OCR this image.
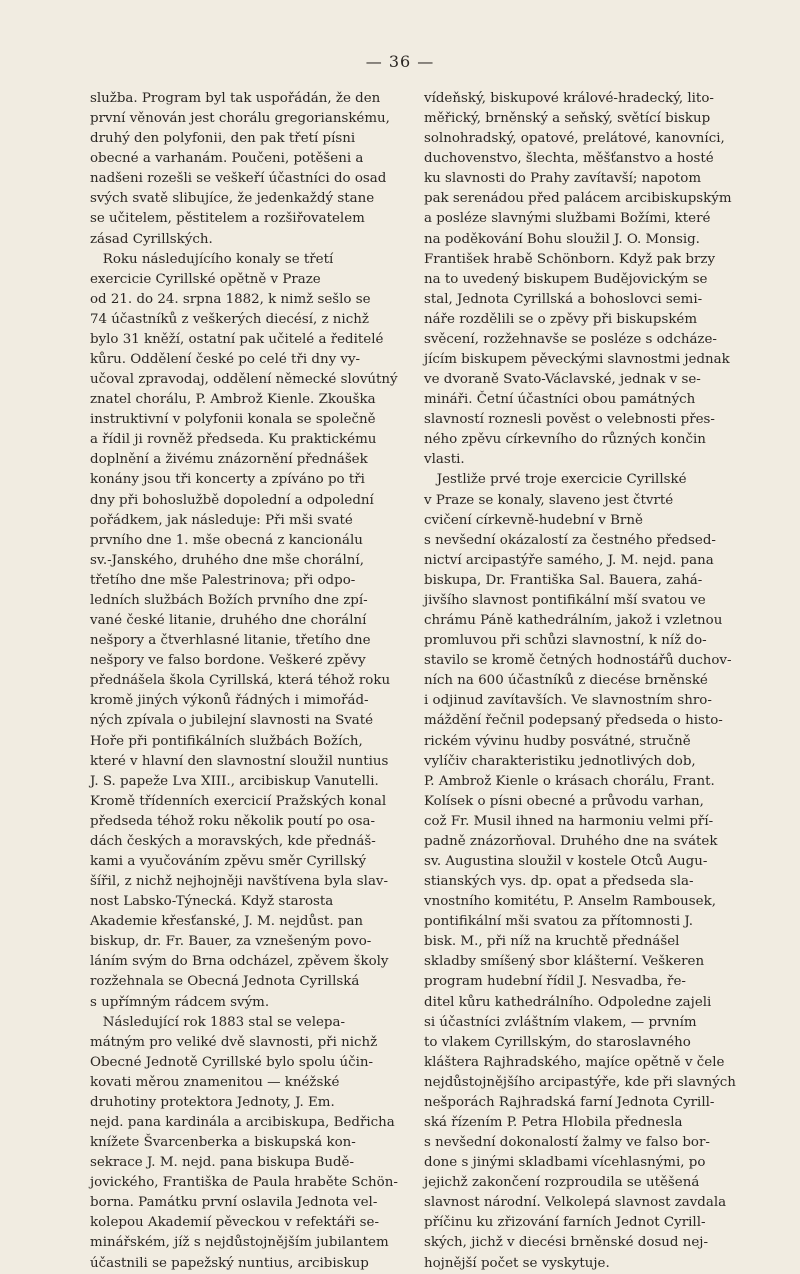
— 36 —

služba. Program byl tak uspořádán, že den

první věnován jest chorálu gregorianskému,

druhý den polyfonii, den pak třetí písni

obecné a varhanám. Poučeni, potěšeni a

nadšeni rozešli se veškeří účastníci do osad

svých svatě slibujíce, že jedenkaždý stane

se učitelem, pěstitelem a rozšiřovatelem

zásad Cyrillských.

Roku následujícího konaly se třetí

exercicie Cyrillské opětně v Praze

od 21. do 24. srpna 1882, k nimž sešlo se

74 účastníků z veškerých diecésí, z nichž

bylo 31 kněží, ostatní pak učitelé a ředitelé

kůru. Oddělení české po celé tři dny vy-

učoval zpravodaj, oddělení německé slovútný

znatel chorálu, P. Ambrož Kienle. Zkouška

instruktivní v polyfonii konala se společně

a řídil ji rovněž předseda. Ku praktickému

doplnění a živému znázornění přednášek

konány jsou tři koncerty a zpíváno po tři

dny při bohoslužbě dopolední a odpolední

pořádkem, jak následuje: Při mši svaté

prvního dne 1. mše obecná z kancionálu

sv.-Janského, druhého dne mše chorální,

třetího dne mše Palestrinova; při odpo-

ledních službách Božích prvního dne zpí-

vané české litanie, druhého dne chorální

nešpory a čtverhlasné litanie, třetího dne

nešpory ve falso bordone. Veškeré zpěvy

přednášela škola Cyrillská, která téhož roku

kromě jiných výkonů řádných i mimořád-

ných zpívala o jubilejní slavnosti na Svaté

Hoře při pontifikálních službách Božích,

které v hlavní den slavnostní sloužil nuntius

J. S. papeže Lva XIII., arcibiskup Vanutelli.

Kromě třídenních exercicií Pražských konal

předseda téhož roku několik poutí po osa-

dách českých a moravských, kde přednáš-

kami a vyučováním zpěvu směr Cyrillský

šířil, z nichž nejhojněji navštívena byla slav-

nost Labsko-Týnecká. Když starosta

Akademie křesťanské, J. M. nejdůst. pan

biskup, dr. Fr. Bauer, za vznešeným povo-

láním svým do Brna odcházel, zpěvem školy

rozžehnala se Obecná Jednota Cyrillská

s upřímným rádcem svým.

Následující rok 1883 stal se velepa-

mátným pro veliké dvě slavnosti, při nichž

Obecné Jednotě Cyrillské bylo spolu účin-

kovati měrou znamenitou — knéžské

druhotiny protektora Jednoty, J. Em.

nejd. pana kardinála a arcibiskupa, Bedřicha

knížete Švarcenberka a biskupská kon-

sekrace J. M. nejd. pana biskupa Budě-

jovického, Františka de Paula hraběte Schön-

borna. Památku první oslavila Jednota vel-

kolepou Akademií pěveckou v refektáři se-

minářském, jíž s nejdůstojnějším jubilantem

účastnili se papežský nuntius, arcibiskup

vídeňský, biskupové králové-hradecký, lito-

měřický, brněnský a seňský, světící biskup

solnohradský, opatové, prelátové, kanovníci,

duchovenstvo, šlechta, měšťanstvo a hosté

ku slavnosti do Prahy zavítavší; napotom

pak serenádou před palácem arcibiskupským

a posléze slavnými službami Božími, které

na poděkování Bohu sloužil J. O. Monsig.

František hrabě Schönborn. Když pak brzy

na to uvedený biskupem Budějovickým se

stal, Jednota Cyrillská a bohoslovci semi-

náře rozdělili se o zpěvy při biskupském

svěcení, rozžehnavše se posléze s odcháze-

jícím biskupem pěveckými slavnostmi jednak

ve dvoraně Svato-Václavské, jednak v se-

mináři. Četní účastníci obou památných

slavností roznesli pověst o velebnosti přes-

ného zpěvu církevního do různých končin

vlasti.

Jestliže prvé troje exercicie Cyrillské

v Praze se konaly, slaveno jest čtvrté

cvičení církevně-hudební v Brně

s nevšední okázalostí za čestného předsed-

nictví arcipastýře samého, J. M. nejd. pana

biskupa, Dr. Františka Sal. Bauera, zahá-

jivšího slavnost pontifikální mší svatou ve

chrámu Páně kathedrálním, jakož i vzletnou

promluvou při schůzi slavnostní, k níž do-

stavilo se kromě četných hodnostářů duchov-

ních na 600 účastníků z diecése brněnské

i odjinud zavítavších. Ve slavnostním shro-

máždění řečnil podepsaný předseda o histo-

rickém vývinu hudby posvátné, stručně

vylíčiv charakteristiku jednotlivých dob,

P. Ambrož Kienle o krásach chorálu, Frant.

Kolísek o písni obecné a průvodu varhan,

což Fr. Musil ihned na harmoniu velmi pří-

padně znázorňoval. Druhého dne na svátek

sv. Augustina sloužil v kostele Otců Augu-

stianských vys. dp. opat a předseda sla-

vnostního komitétu, P. Anselm Rambousek,

pontifikální mši svatou za přítomnosti J.

bisk. M., při níž na kruchtě přednášel

skladby smíšený sbor klášterní. Veškeren

program hudební řídil J. Nesvadba, ře-

ditel kůru kathedrálního. Odpoledne zajeli

si účastníci zvláštním vlakem, — prvním

to vlakem Cyrillským, do staroslavného

kláštera Rajhradského, majíce opětně v čele

nejdůstojnějšího arcipastýře, kde při slavných

nešporách Rajhradská farní Jednota Cyrill-

ská řízením P. Petra Hlobila přednesla

s nevšední dokonalostí žalmy ve falso bor-

done s jinými skladbami vícehlasnými, po

jejichž zakončení rozproudila se utěšená

slavnost národní. Velkolepá slavnost zavdala

příčinu ku zřizování farních Jednot Cyrill-

ských, jichž v diecési brněnské dosud nej-

hojnější počet se vyskytuje.
